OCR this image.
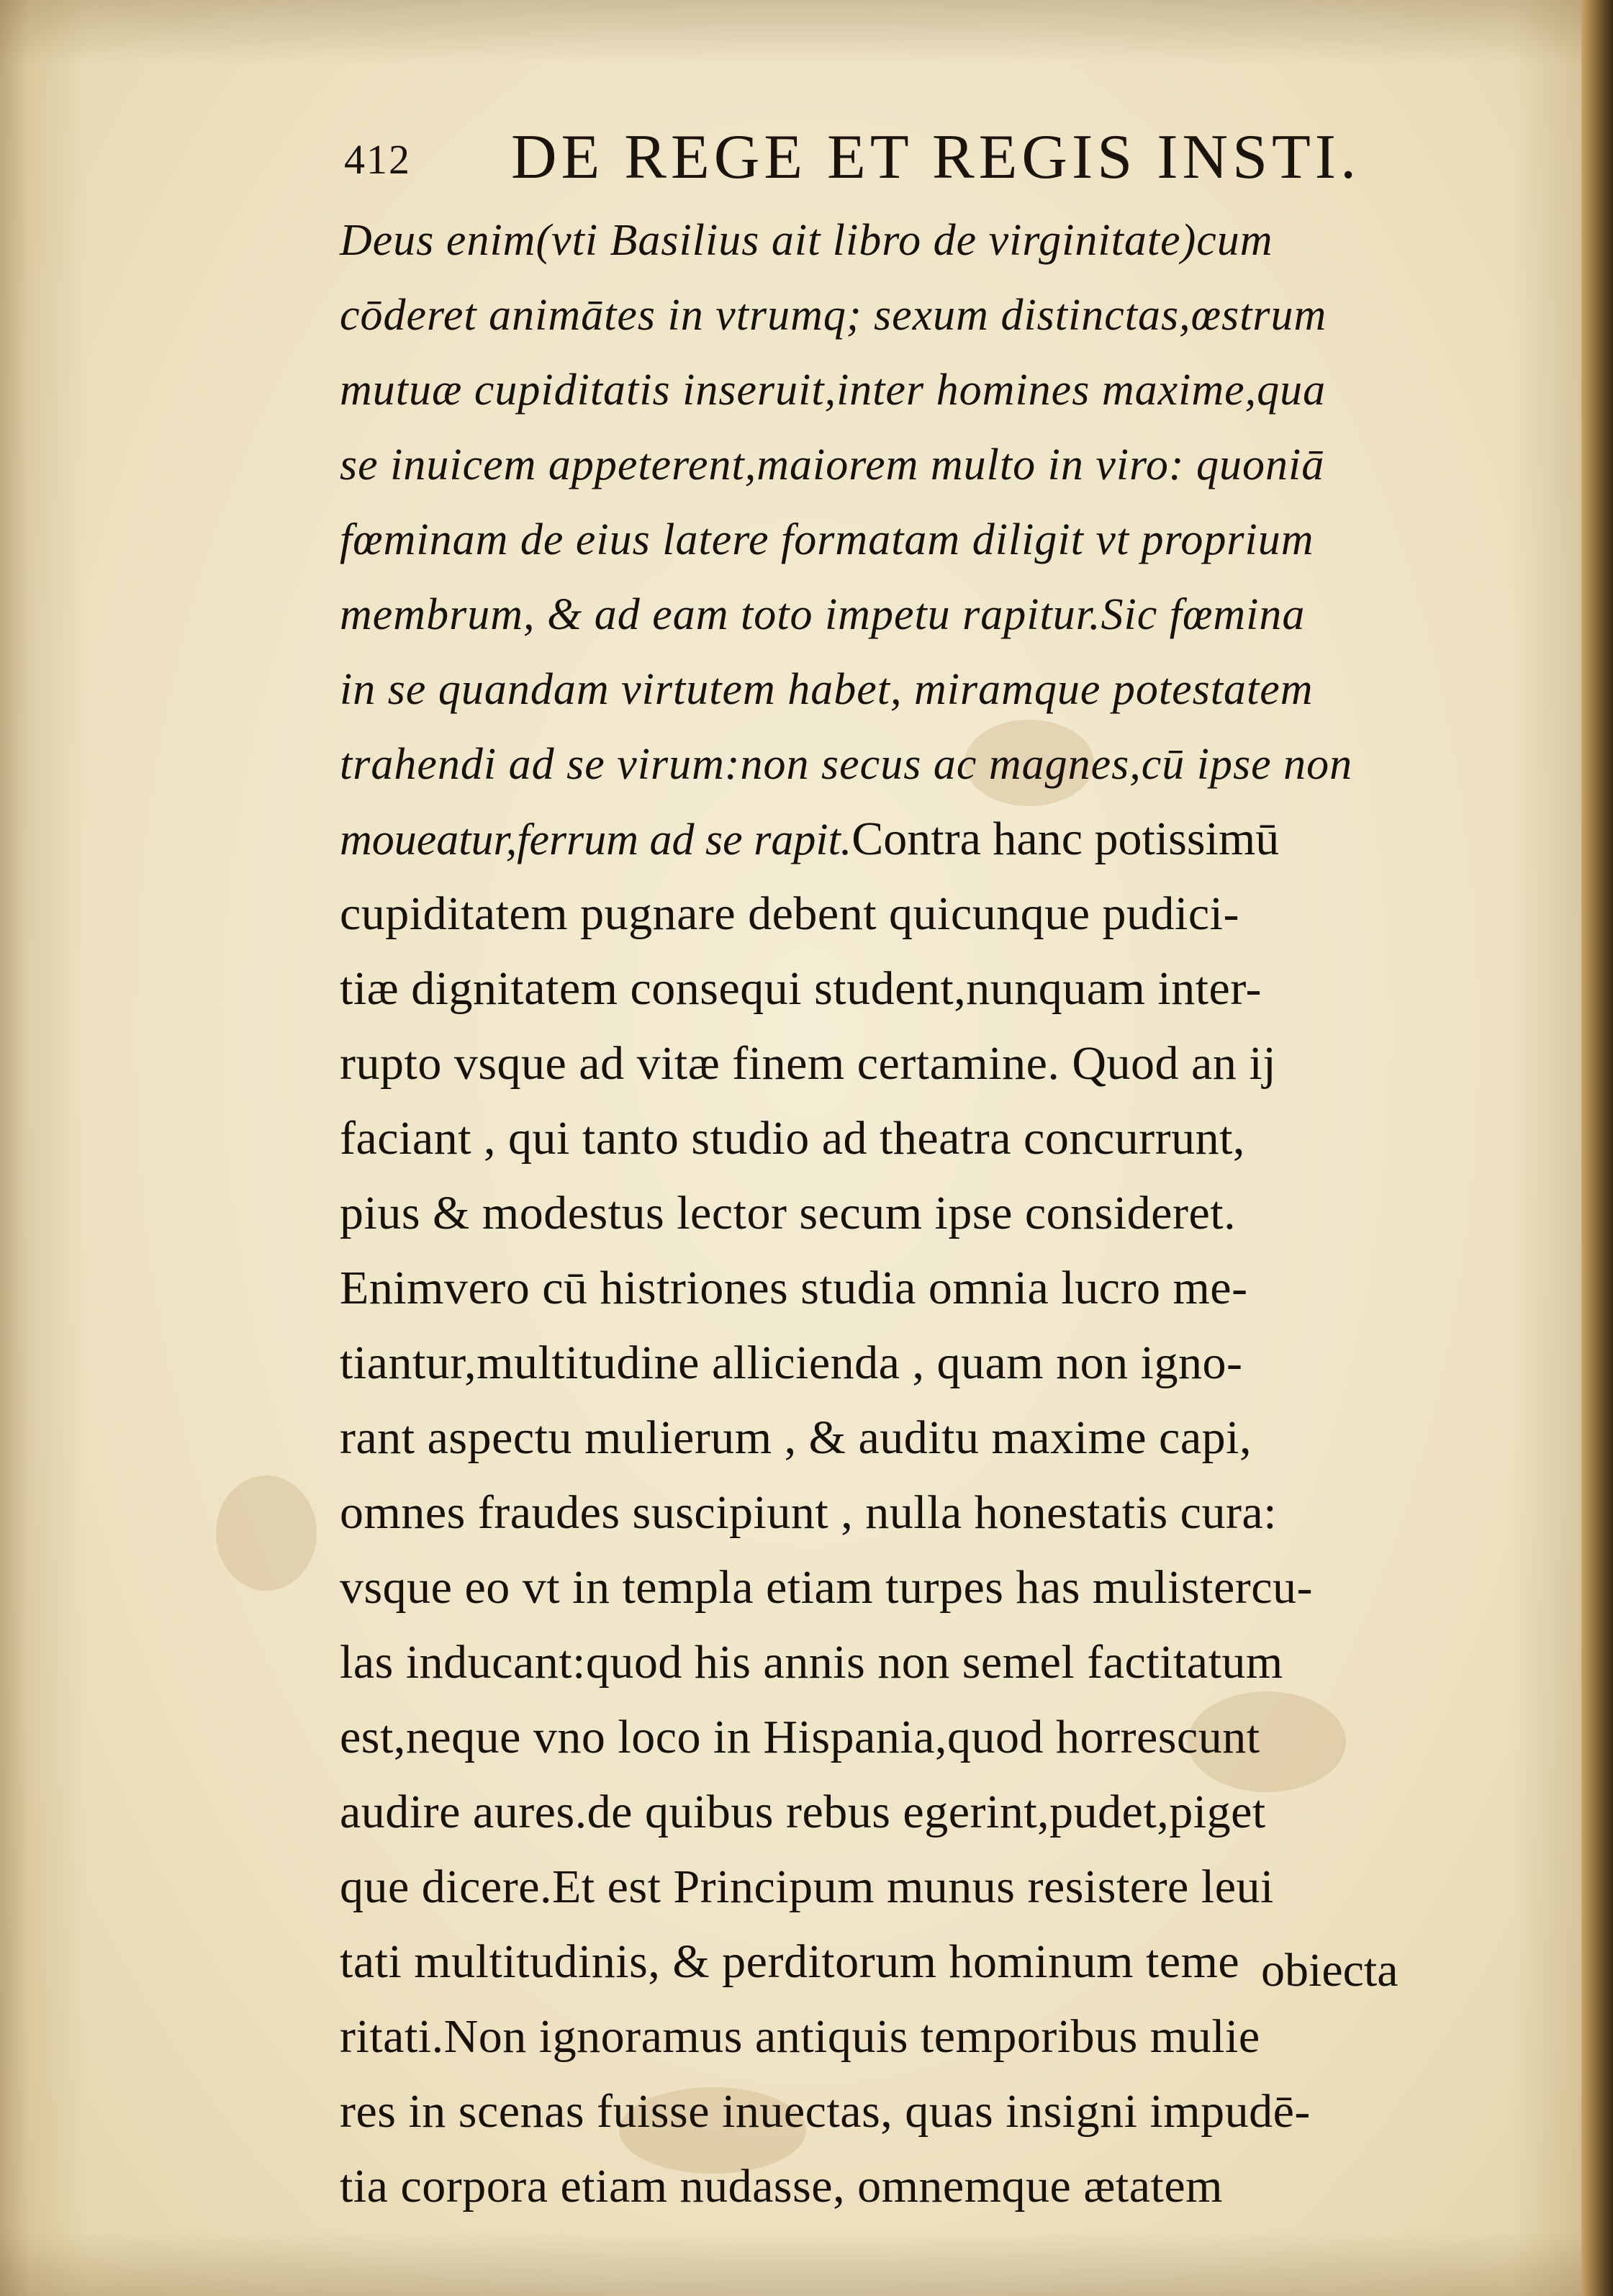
412 DE REGE ET REGIS INSTI.
Deus enim(vti Basilius ait libro de virginitate)cum
cōderet animātes in vtrumq; sexum distinctas,œstrum
mutuæ cupiditatis inseruit,inter homines maxime,qua
se inuicem appeterent,maiorem multo in viro: quoniā
fœminam de eius latere formatam diligit vt proprium
membrum, & ad eam toto impetu rapitur.Sic fœmina
in se quandam virtutem habet, miramque potestatem
trahendi ad se virum:non secus ac magnes,cū ipse non
moueatur,ferrum ad se rapit.Contra hanc potissimū
cupiditatem pugnare debent quicunque pudici-
tiæ dignitatem consequi student,nunquam inter-
rupto vsque ad vitæ finem certamine. Quod an ij
faciant , qui tanto studio ad theatra concurrunt,
pius & modestus lector secum ipse consideret.
Enimvero cū histriones studia omnia lucro me-
tiantur,multitudine allicienda , quam non igno-
rant aspectu mulierum , & auditu maxime capi,
omnes fraudes suscipiunt , nulla honestatis cura:
vsque eo vt in templa etiam turpes has mulistercu-
las inducant:quod his annis non semel factitatum
est,neque vno loco in Hispania,quod horrescunt
audire aures.de quibus rebus egerint,pudet,piget
que dicere.Et est Principum munus resistere leui
tati multitudinis, & perditorum hominum teme
ritati.Non ignoramus antiquis temporibus mulie
res in scenas fuisse inuectas, quas insigni impudē-
tia corpora etiam nudasse, omnemque ætatem
obiecta
